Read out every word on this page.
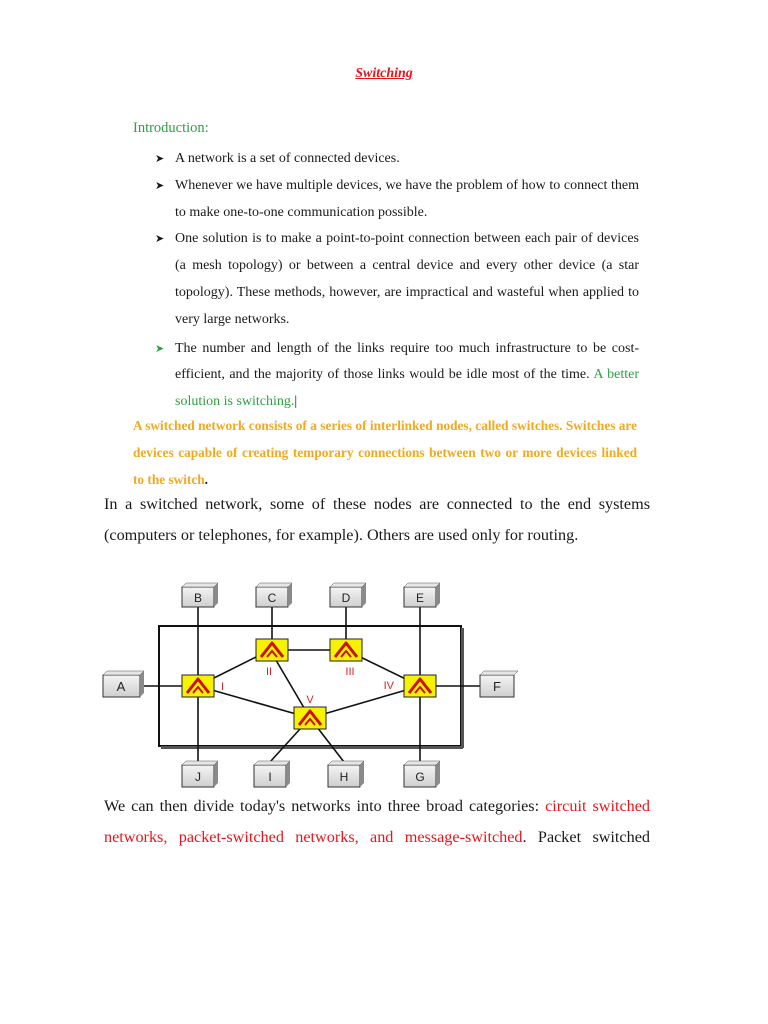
Switching
Introduction:
➤ A network is a set of connected devices.
➤ Whenever we have multiple devices, we have the problem of how to connect them to make one-to-one communication possible.
➤ One solution is to make a point-to-point connection between each pair of devices (a mesh topology) or between a central device and every other device (a star topology). These methods, however, are impractical and wasteful when applied to very large networks.
➤ The number and length of the links require too much infrastructure to be cost-efficient, and the majority of those links would be idle most of the time. A better solution is switching.|
A switched network consists of a series of interlinked nodes, called switches. Switches are devices capable of creating temporary connections between two or more devices linked to the switch.
In a switched network, some of these nodes are connected to the end systems (computers or telephones, for example). Others are used only for routing.
A
B	C	D	E
F
G
H
I
J
I
II	III
IV
V
We can then divide today's networks into three broad categories: circuit switched networks, packet-switched networks, and message-switched. Packet switched
